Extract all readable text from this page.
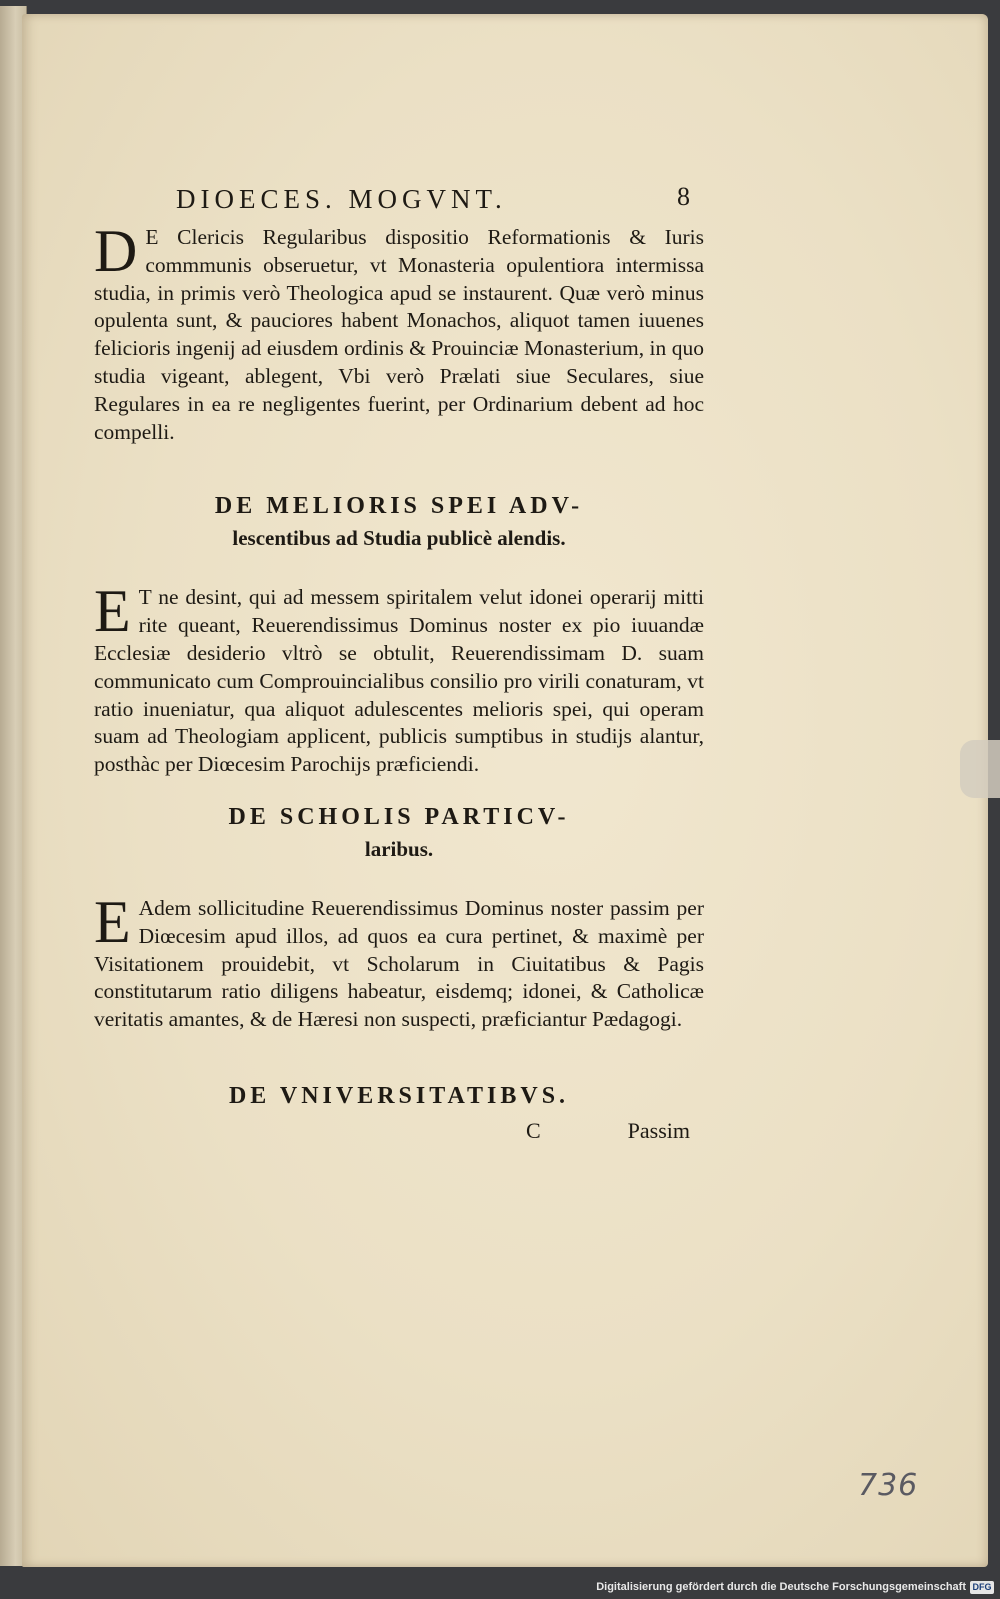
DIOECES. MOGVNT.	8

D E Clericis Regularibus dispositio Reformationis & Iuris commmunis obseruetur, vt Monasteria opulentiora intermissa studia, in primis verò Theologica apud se instaurent. Quæ verò minus opulenta sunt, & pauciores habent Monachos, aliquot tamen iuuenes felicioris ingenij ad eiusdem ordinis & Prouinciæ Monasterium, in quo studia vigeant, ablegent, Vbi verò Prælati siue Seculares, siue Regulares in ea re negligentes fuerint, per Ordinarium debent ad hoc compelli.

DE MELIORIS SPEI ADV-
lescentibus ad Studia publicè alendis.

E T ne desint, qui ad messem spiritalem velut idonei operarij mitti rite queant, Reuerendissimus Dominus noster ex pio iuuandæ Ecclesiæ desiderio vltrò se obtulit, Reuerendissimam D. suam communicato cum Comprouincialibus consilio pro virili conaturam, vt ratio inueniatur, qua aliquot adulescentes melioris spei, qui operam suam ad Theologiam applicent, publicis sumptibus in studijs alantur, posthàc per Diœcesim Parochijs præficiendi.

DE SCHOLIS PARTICV-
laribus.

E Adem sollicitudine Reuerendissimus Dominus noster passim per Diœcesim apud illos, ad quos ea cura pertinet, & maximè per Visitationem prouidebit, vt Scholarum in Ciuitatibus & Pagis constitutarum ratio diligens habeatur, eisdemq; idonei, & Catholicæ veritatis amantes, & de Hæresi non suspecti, præficiantur Pædagogi.

DE VNIVERSITATIBVS.
C	Passim
736
Digitalisierung gefördert durch die Deutsche Forschungsgemeinschaft DFG
